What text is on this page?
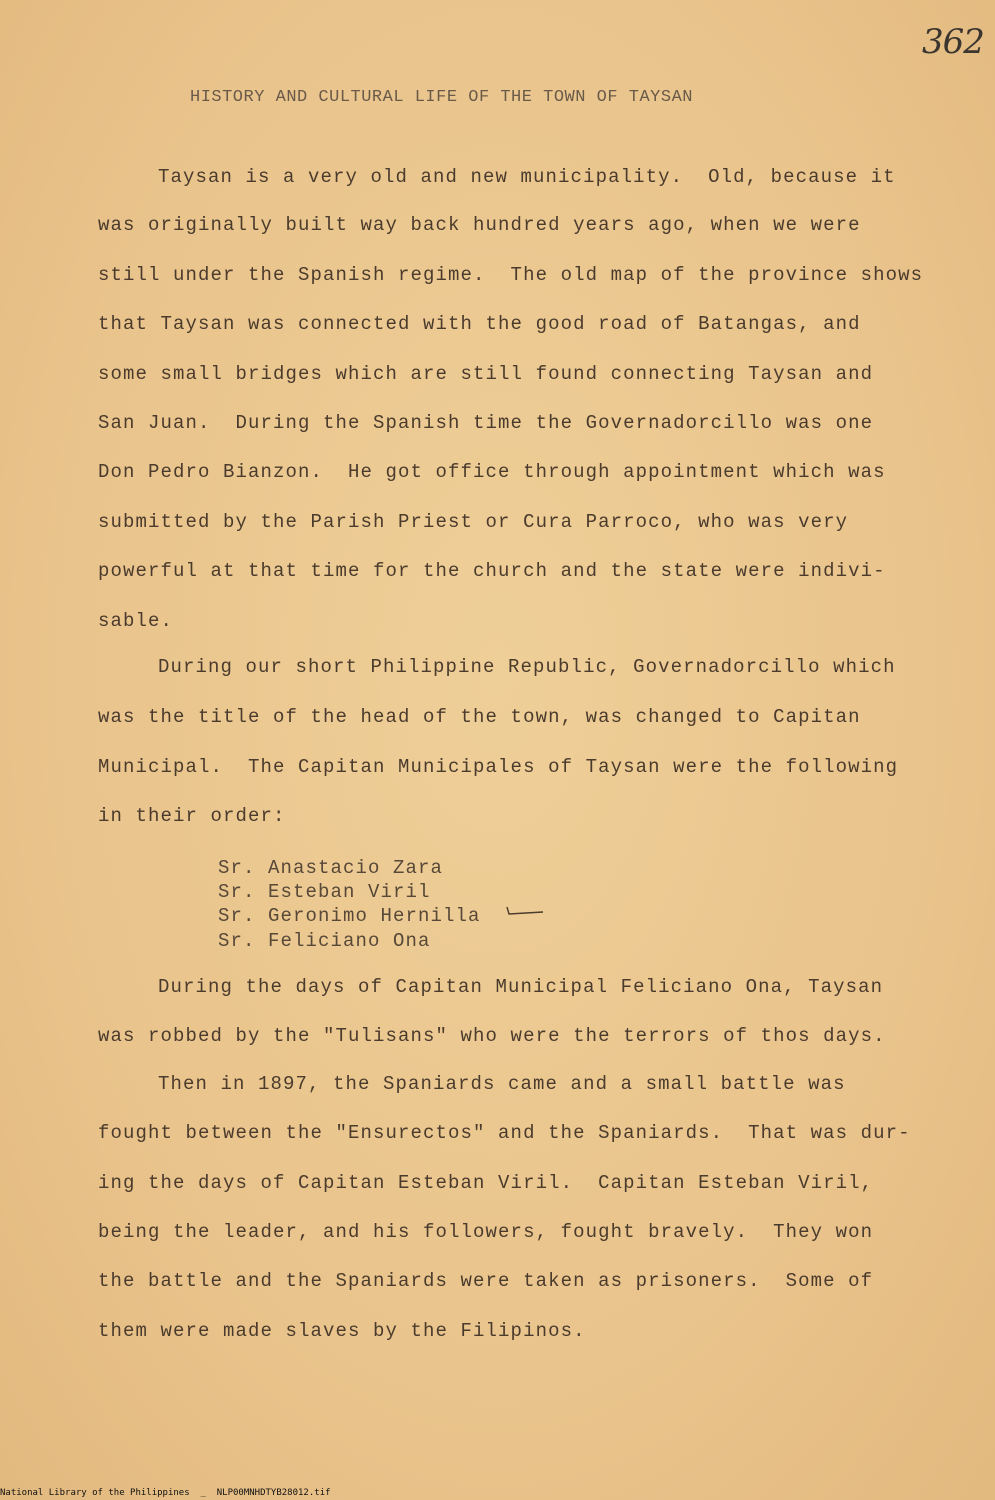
362
HISTORY AND CULTURAL LIFE OF THE TOWN OF TAYSAN
Taysan is a very old and new municipality.  Old, because it
was originally built way back hundred years ago, when we were
still under the Spanish regime.  The old map of the province shows
that Taysan was connected with the good road of Batangas, and
some small bridges which are still found connecting Taysan and
San Juan.  During the Spanish time the Governadorcillo was one
Don Pedro Bianzon.  He got office through appointment which was
submitted by the Parish Priest or Cura Parroco, who was very
powerful at that time for the church and the state were indivi-
sable.
During our short Philippine Republic, Governadorcillo which
was the title of the head of the town, was changed to Capitan
Municipal.  The Capitan Municipales of Taysan were the following
in their order:
Sr. Anastacio Zara
Sr. Esteban Viril
Sr. Geronimo Hernilla
Sr. Feliciano Ona
During the days of Capitan Municipal Feliciano Ona, Taysan
was robbed by the "Tulisans" who were the terrors of thos days.
Then in 1897, the Spaniards came and a small battle was
fought between the "Ensurectos" and the Spaniards.  That was dur-
ing the days of Capitan Esteban Viril.  Capitan Esteban Viril,
being the leader, and his followers, fought bravely.  They won
the battle and the Spaniards were taken as prisoners.  Some of
them were made slaves by the Filipinos.
National Library of the Philippines  _  NLP00MNHDTYB28012.tif
